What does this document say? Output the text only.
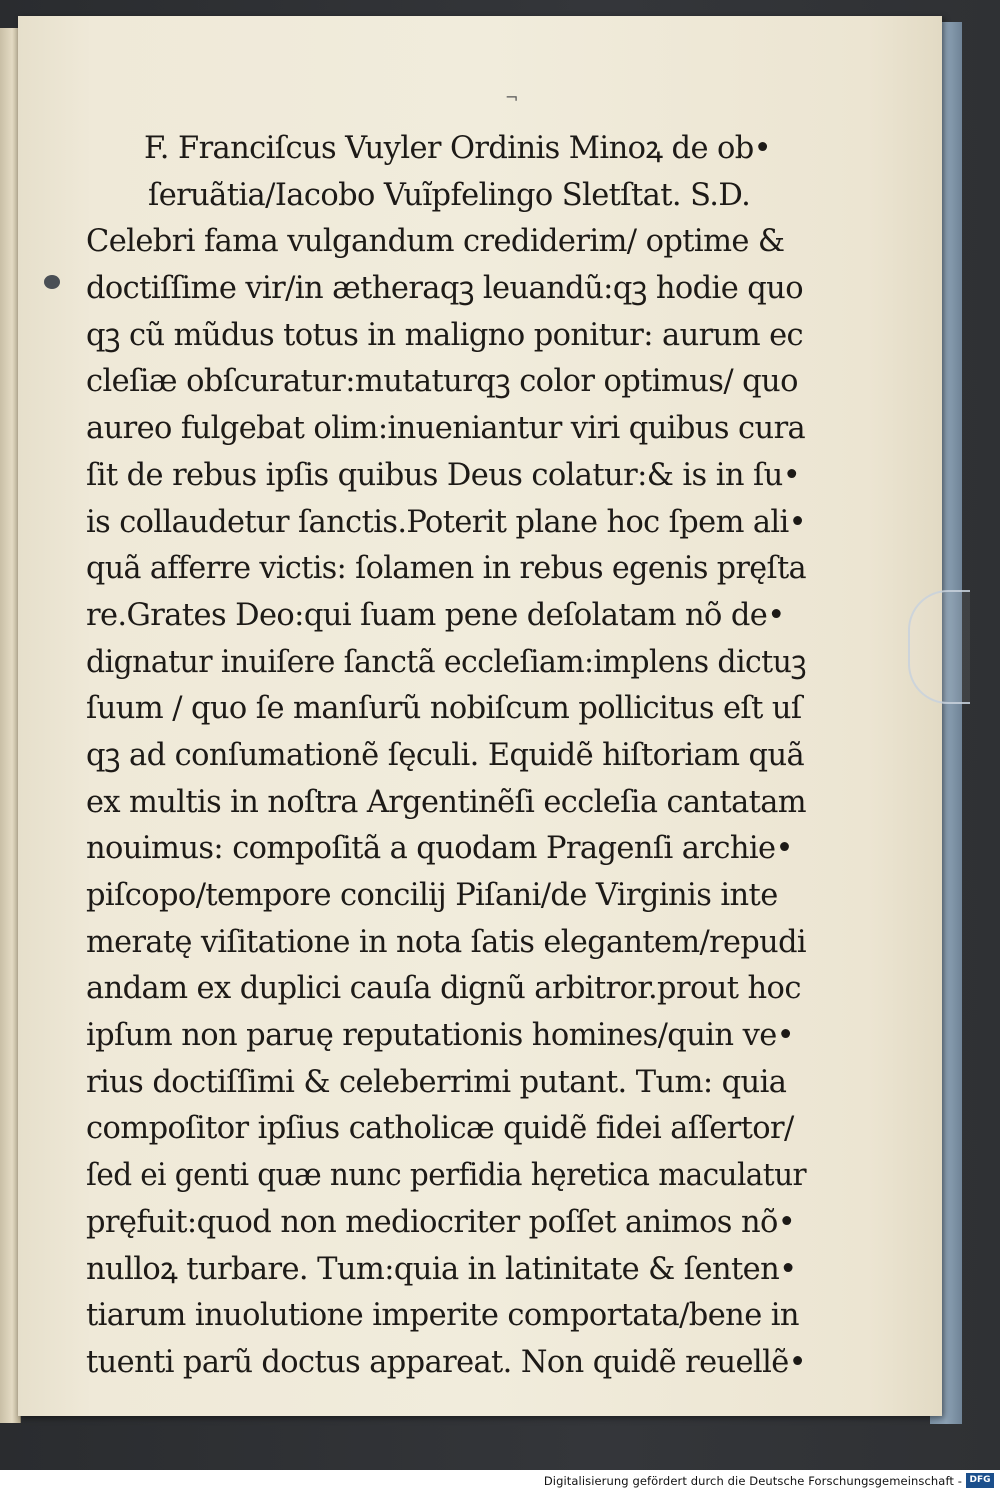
¬
F. Franciſcus Vuyler Ordinis Minoꝝ de ob•
ſeruãtia/Iacobo Vuĩpfelingo Sletſtat. S.D.
Celebri fama vulgandum crediderim/ optime &
doctiſſime vir/in ætheraqꝫ leuandũ:qꝫ hodie quo
qꝫ cũ mũdus totus in maligno ponitur: aurum ec
cleſiæ obſcuratur:mutaturqꝫ color optimus/ quo
aureo fulgebat olim:inueniantur viri quibus cura
ſit de rebus ipſis quibus Deus colatur:& is in ſu•
is collaudetur ſanctis.Poterit plane hoc ſpem ali•
quã afferre victis: ſolamen in rebus egenis pręſta
re.Grates Deo:qui ſuam pene deſolatam nõ de•
dignatur inuiſere ſanctã eccleſiam:implens dictuꝫ
ſuum / quo ſe manſurũ nobiſcum pollicitus eſt uſ
qꝫ ad conſumationẽ ſęculi. Equidẽ hiſtoriam quã
ex multis in noſtra Argentinẽſi eccleſia cantatam
nouimus: compoſitã a quodam Pragenſi archie•
piſcopo/tempore concilij Piſani/de Virginis inte
meratę viſitatione in nota ſatis elegantem/repudi
andam ex duplici cauſa dignũ arbitror.prout hoc
ipſum non paruę reputationis homines/quin ve•
rius doctiſſimi & celeberrimi putant. Tum: quia
compoſitor ipſius catholicæ quidẽ fidei aſſertor/
ſed ei genti quæ nunc perfidia hęretica maculatur
pręfuit:quod non mediocriter poſſet animos nõ•
nulloꝝ turbare. Tum:quia in latinitate & ſenten•
tiarum inuolutione imperite comportata/bene in
tuenti parũ doctus appareat. Non quidẽ reuellẽ•
Digitalisierung gefördert durch die Deutsche Forschungsgemeinschaft - DFG
